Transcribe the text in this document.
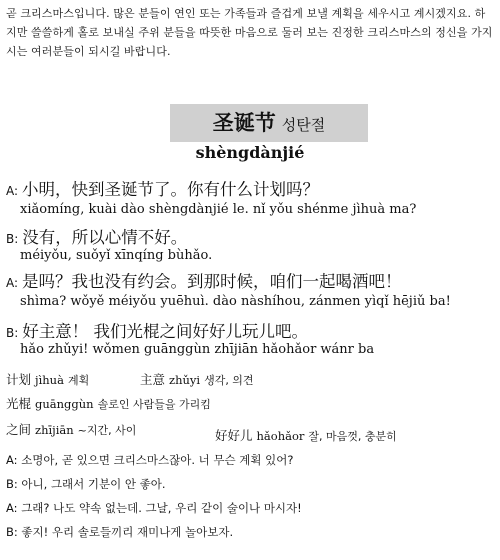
곧 크리스마스입니다. 많은 분들이 연인 또는 가족들과 즐겁게 보낼 계획을 세우시고 계시겠지요. 하지만 쓸쓸하게 홀로 보내실 주위 분들을 따뜻한 마음으로 둘러 보는 진정한 크리스마스의 정신을 가지시는 여러분들이 되시길 바랍니다.
圣诞节 성탄절
shèngdànjié
A: 小明，快到圣诞节了。你有什么计划吗？
xiǎomíng, kuài dào shèngdànjié le. nǐ yǒu shénme jìhuà ma?
B: 没有，所以心情不好。
méiyǒu, suǒyǐ xīnqíng bùhǎo.
A: 是吗？我也没有约会。到那时候，咱们一起喝酒吧！
shìma? wǒyě méiyǒu yuēhuì. dào nàshíhou, zánmen yìqǐ hējiǔ ba!
B: 好主意！ 我们光棍之间好好儿玩儿吧。
hǎo zhǔyi! wǒmen guānggùn zhījiān hǎohǎor wánr ba
计划 jìhuà 계획	主意 zhǔyi 생각, 의견
光棍 guānggùn 솔로인 사람들을 가리킴
之间 zhījiān ~지간, 사이	好好儿 hǎohǎor 잘, 마음껏, 충분히
A: 소명아, 곧 있으면 크리스마스잖아. 너 무슨 계획 있어?
B: 아니, 그래서 기분이 안 좋아.
A: 그래? 나도 약속 없는데. 그날, 우리 같이 술이나 마시자!
B: 좋지! 우리 솔로들끼리 재미나게 놀아보자.
